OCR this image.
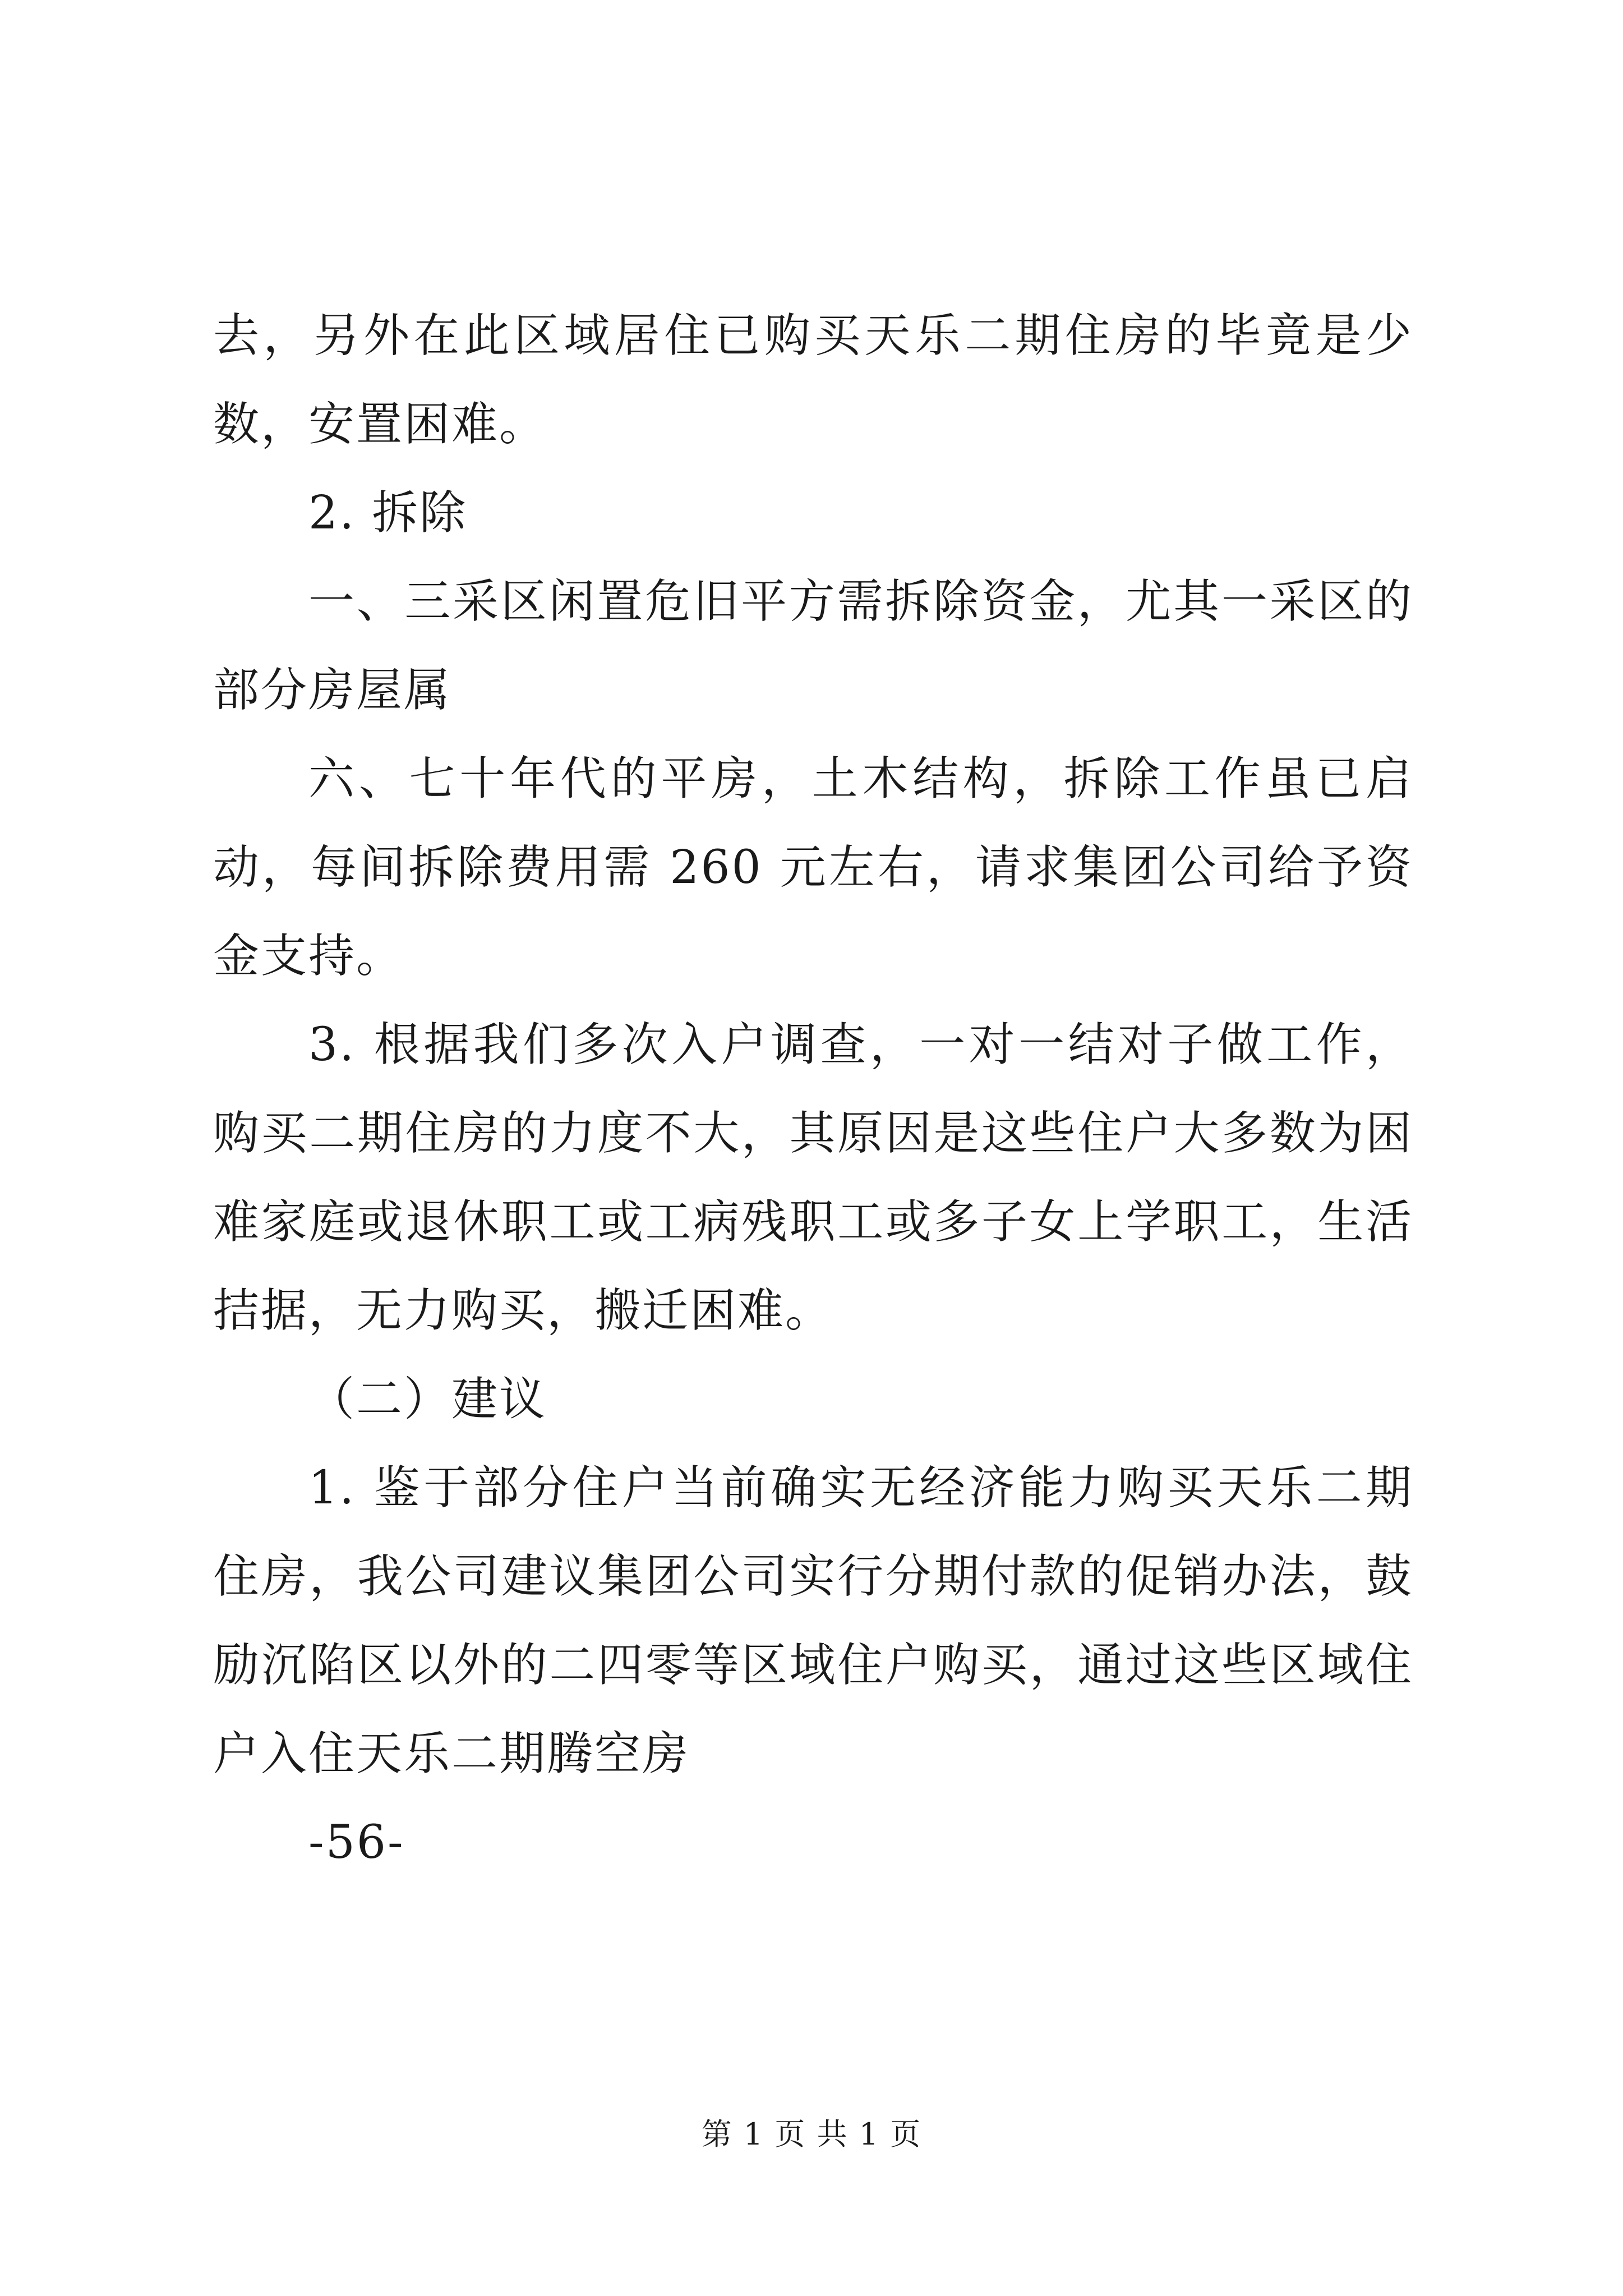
去，另外在此区域居住已购买天乐二期住房的毕竟是少数，安置困难。

2. 拆除

一、三采区闲置危旧平方需拆除资金，尤其一采区的部分房屋属

六、七十年代的平房，土木结构，拆除工作虽已启动，每间拆除费用需 260 元左右，请求集团公司给予资金支持。

3. 根据我们多次入户调查，一对一结对子做工作，购买二期住房的力度不大，其原因是这些住户大多数为困难家庭或退休职工或工病残职工或多子女上学职工，生活拮据，无力购买，搬迁困难。

（二）建议

1. 鉴于部分住户当前确实无经济能力购买天乐二期住房，我公司建议集团公司实行分期付款的促销办法，鼓励沉陷区以外的二四零等区域住户购买，通过这些区域住户入住天乐二期腾空房

-56-

第 1 页 共 1 页
